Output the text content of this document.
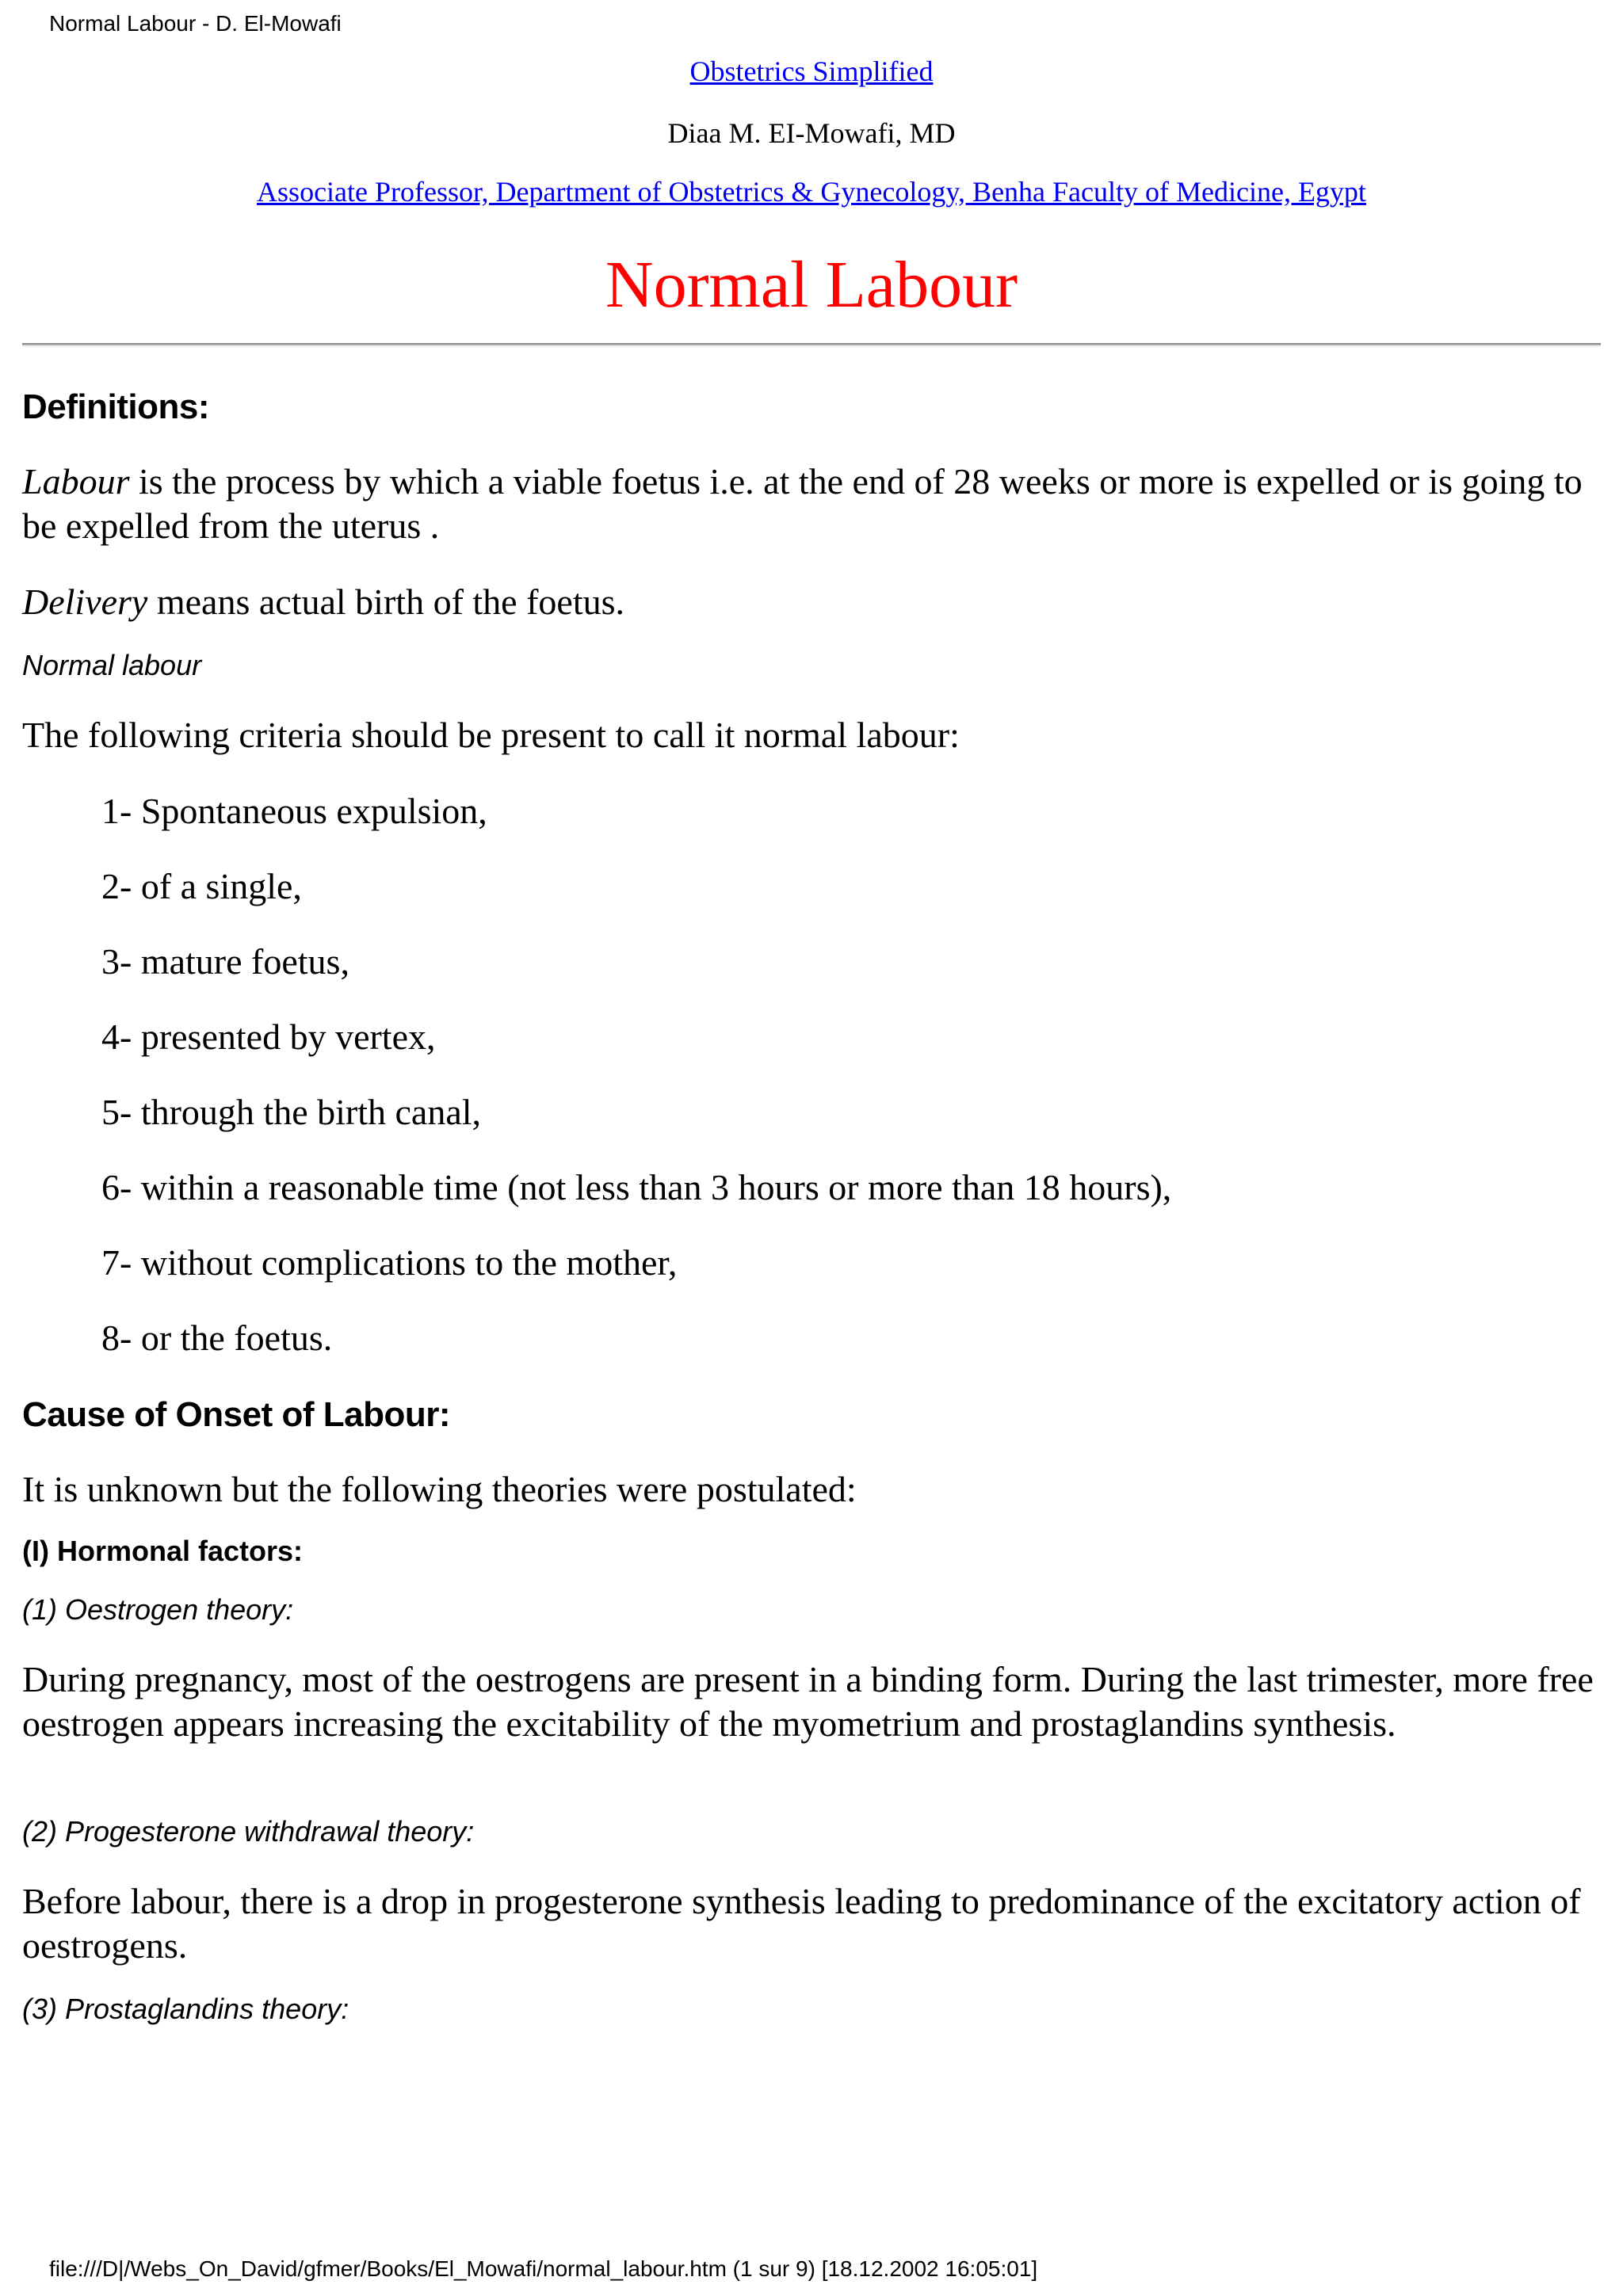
Normal Labour - D. El-Mowafi
Obstetrics Simplified
Diaa M. EI-Mowafi, MD
Associate Professor, Department of Obstetrics & Gynecology, Benha Faculty of Medicine, Egypt
Normal Labour
Definitions:

Labour is the process by which a viable foetus i.e. at the end of 28 weeks or more is expelled or is going to be expelled from the uterus .

Delivery means actual birth of the foetus.

Normal labour

The following criteria should be present to call it normal labour:

1- Spontaneous expulsion,

2- of a single,

3- mature foetus,

4- presented by vertex,

5- through the birth canal,

6- within a reasonable time (not less than 3 hours or more than 18 hours),

7- without complications to the mother,

8- or the foetus.

Cause of Onset of Labour:

It is unknown but the following theories were postulated:

(I) Hormonal factors:
(1) Oestrogen theory:

During pregnancy, most of the oestrogens are present in a binding form. During the last trimester, more free oestrogen appears increasing the excitability of the myometrium and prostaglandins synthesis.

(2) Progesterone withdrawal theory:

Before labour, there is a drop in progesterone synthesis leading to predominance of the excitatory action of oestrogens.

(3) Prostaglandins theory:
file:///D|/Webs_On_David/gfmer/Books/El_Mowafi/normal_labour.htm (1 sur 9) [18.12.2002 16:05:01]
